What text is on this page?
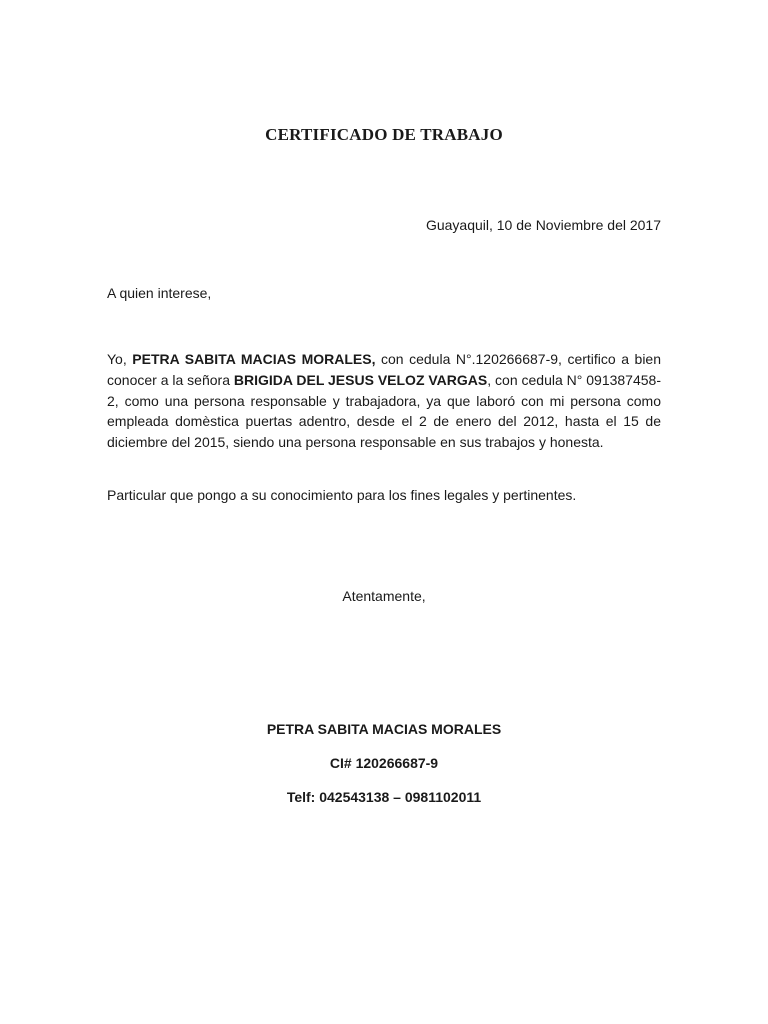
CERTIFICADO DE TRABAJO
Guayaquil, 10 de Noviembre del 2017
A quien interese,
Yo, PETRA SABITA MACIAS MORALES, con cedula N°.120266687-9, certifico a bien conocer a la señora BRIGIDA DEL JESUS VELOZ VARGAS, con cedula N° 091387458-2, como una persona responsable y trabajadora, ya que laboró con mi persona como empleada domèstica puertas adentro, desde el 2 de enero del 2012, hasta el 15 de diciembre del 2015, siendo una persona responsable en sus trabajos y honesta.
Particular que pongo a su conocimiento para los fines legales y pertinentes.
Atentamente,
PETRA SABITA MACIAS MORALES
CI# 120266687-9
Telf: 042543138 – 0981102011
